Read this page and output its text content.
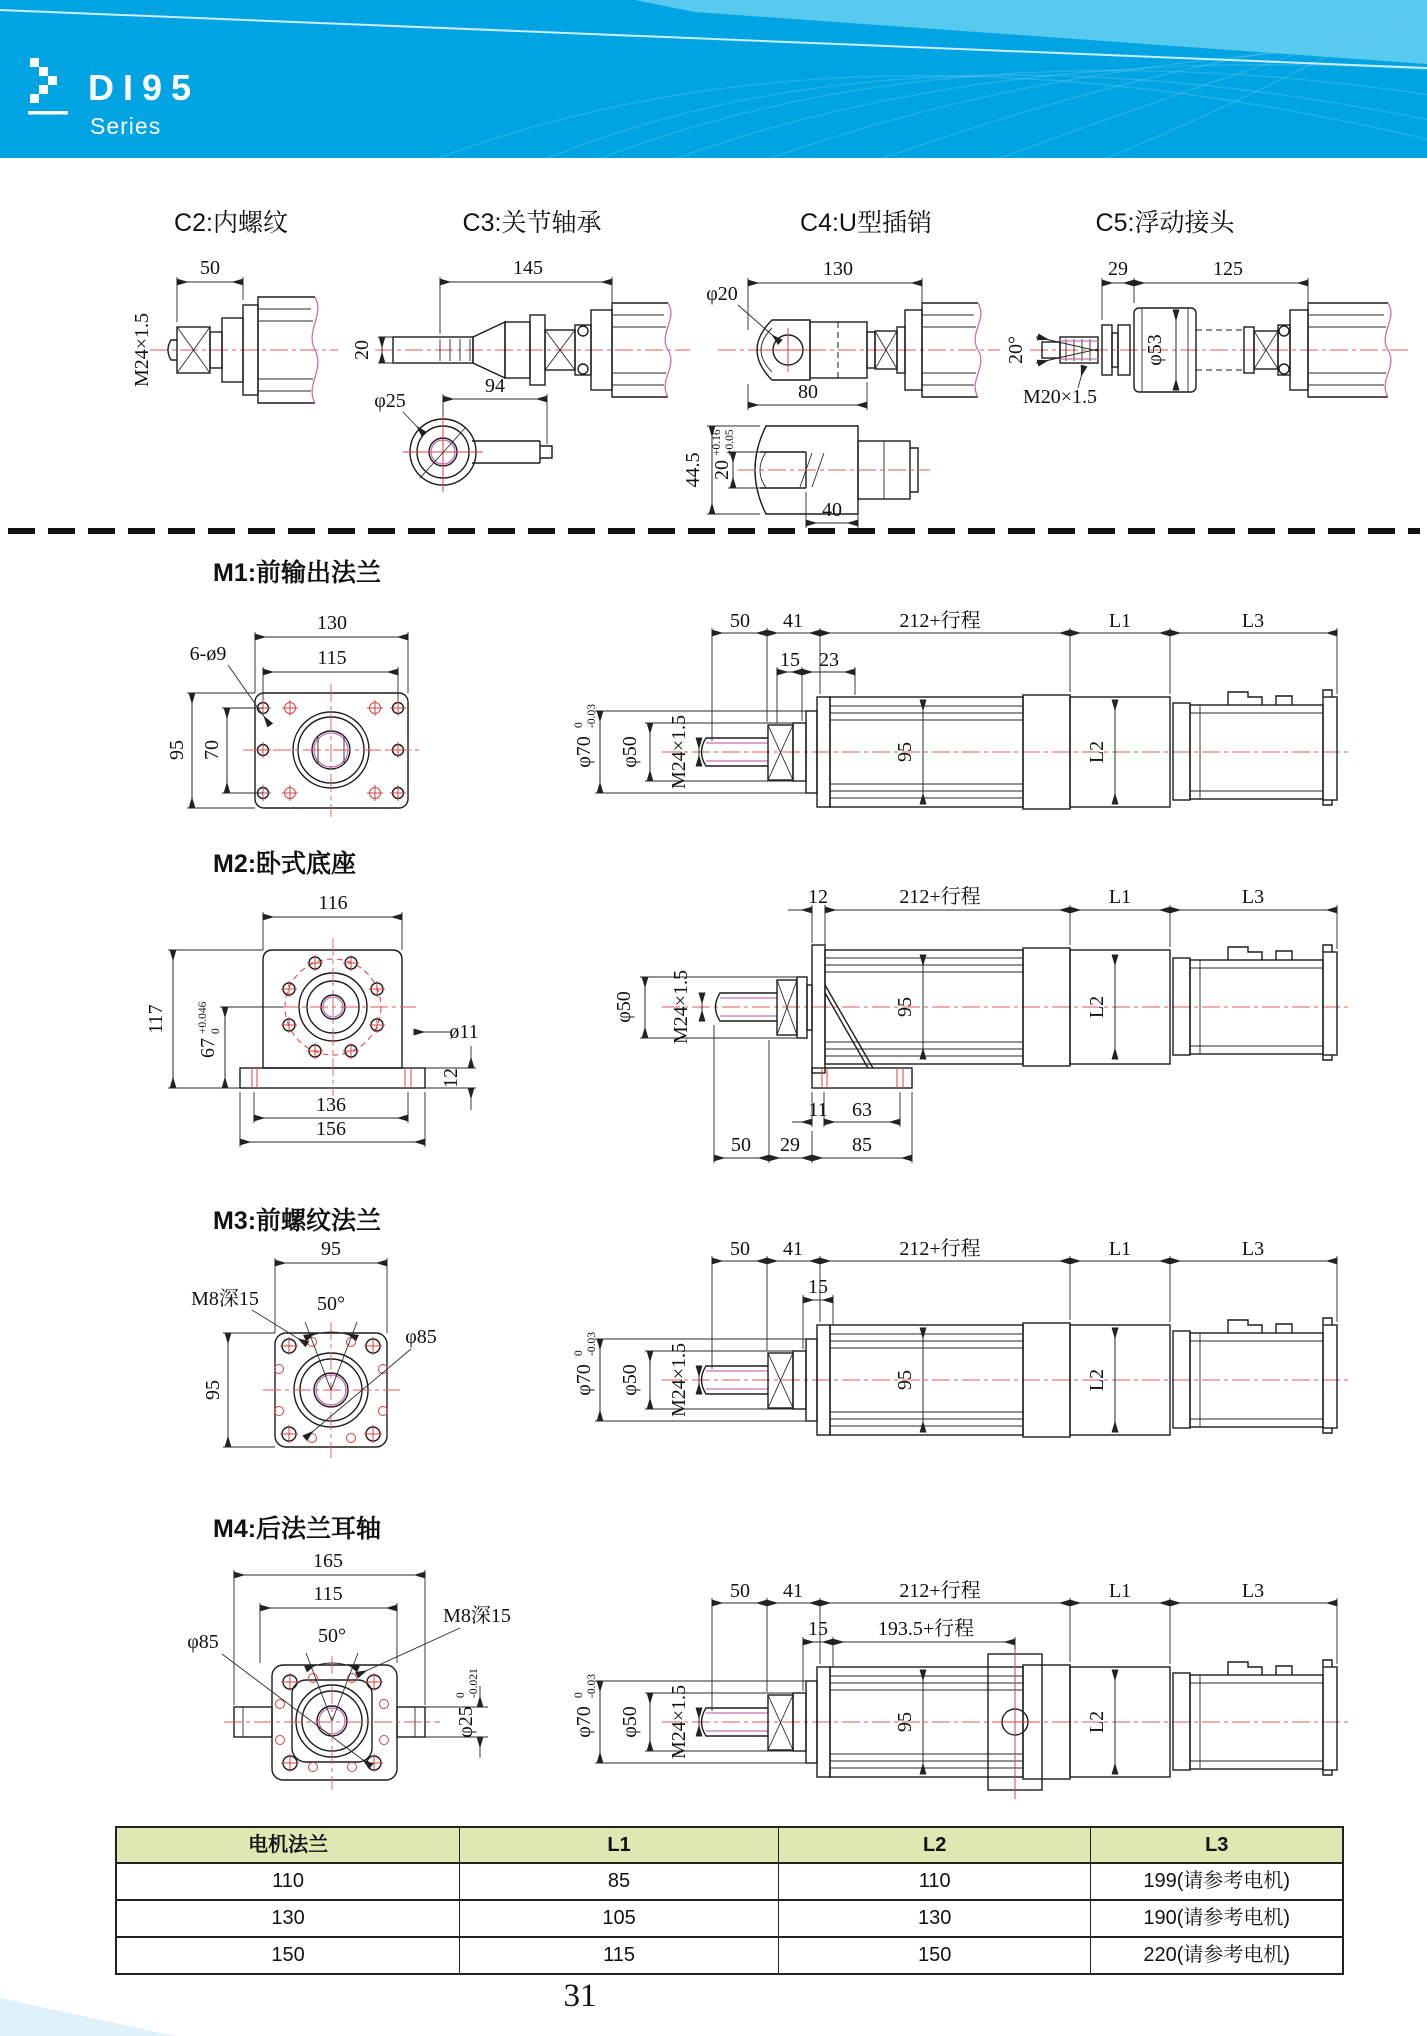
DI95
Series
C2:内螺纹
50
M24×1.5
C3:关节轴承
145
20
94
φ25
C4:U型插销
130
φ20
80
44.5 20
+0.16 +0.05
40
C5:浮动接头
20°	φ53
29	125
M20×1.5
M1:前输出法兰
130
115
6-ø9
95 70
50 41	212+行程	L1	L3
15 23
φ70
0 -0.03
φ50 M24×1.5	95	L2
M2:卧式底座
116
117
67
+0.046 0	ø11
12
136
156
12	212+行程	L1	L3
φ50 M24×1.5	95	L2
11 63
50 29	85
M3:前螺纹法兰
95
95
50°
M8深15
φ85
15
50 41	212+行程	L1	L3
φ70
0 -0.03
φ50 M24×1.5	95	L2
M4:后法兰耳轴
165
115
50°
M8深15
φ85
φ25
0 -0.021
15 193.5+行程
50 41	212+行程	L1	L3
φ70
0 -0.03
φ50 M24×1.5	95	L2
电机法兰	L1	L2	L3
110	85	110	199(请参考电机)
130	105	130	190(请参考电机)
150	115	150	220(请参考电机)
31
